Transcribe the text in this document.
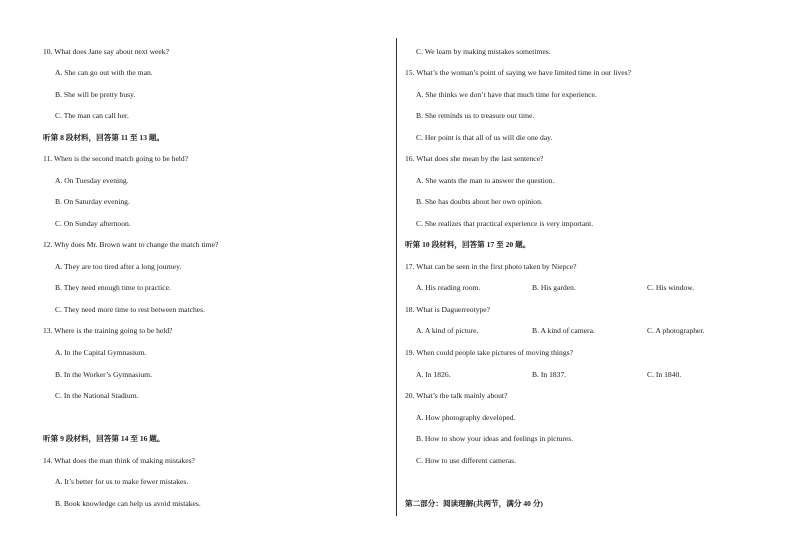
10. What does Jane say about next week?
A. She can go out with the man.
B. She will be pretty busy.
C. The man can call her.
听第 8 段材料，回答第 11 至 13 题。
11. When is the second match going to be held?
A. On Tuesday evening.
B. On Saturday evening.
C. On Sunday afternoon.
12. Why does Mr. Brown want to change the match time?
A. They are too tired after a long journey.
B. They need enough time to practice.
C. They need more time to rest between matches.
13. Where is the training going to be held?
A. In the Capital Gymnasium.
B. In the Worker’s Gymnasium.
C. In the National Stadium.
听第 9 段材料，回答第 14 至 16 题。
14. What does the man think of making mistakes?
A. It’s better for us to make fewer mistakes.
B. Book knowledge can help us avoid mistakes.
C. We learn by making mistakes sometimes.
15. What’s the woman’s point of saying we have limited time in our lives?
A. She thinks we don’t have that much time for experience.
B. She reminds us to treasure our time.
C. Her point is that all of us will die one day.
16. What does she mean by the last sentence?
A. She wants the man to answer the question.
B. She has doubts about her own opinion.
C. She realizes that practical experience is very important.
听第 10 段材料，回答第 17 至 20 题。
17. What can be seen in the first photo taken by Niepce?
A. His reading room.	B. His garden.	C. His window.
18. What is Daguerreotype?
A. A kind of picture.	B. A kind of camera.	C. A photographer.
19. When could people take pictures of moving things?
A. In 1826.	B. In 1837.	C. In 1840.
20. What’s the talk mainly about?
A. How photography developed.
B. How to show your ideas and feelings in pictures.
C. How to use different cameras.
第二部分：阅读理解(共两节，满分 40 分)
